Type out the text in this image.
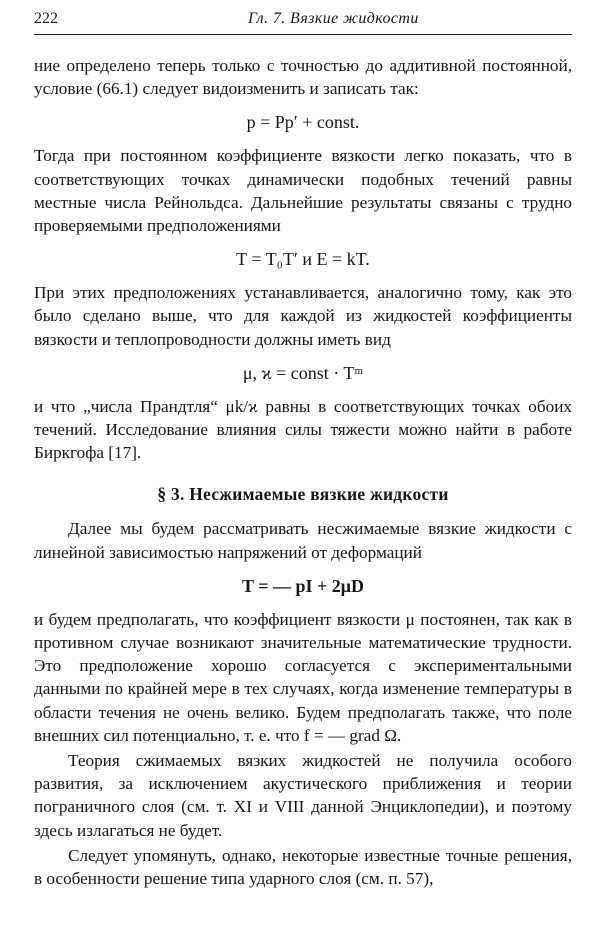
222	Гл. 7. Вязкие жидкости

ние определено теперь только с точностью до аддитивной постоянной, условие (66.1) следует видоизменить и записать так:

p = Pp′ + const.

Тогда при постоянном коэффициенте вязкости легко показать, что в соответствующих точках динамически подобных течений равны местные числа Рейнольдса. Дальнейшие результаты связаны с трудно проверяемыми предположениями

T = T₀T′ и E = kT.

При этих предположениях устанавливается, аналогично тому, как это было сделано выше, что для каждой из жидкостей коэффициенты вязкости и теплопроводности должны иметь вид

μ, ϰ = const · Tᵐ

и что „числа Прандтля“ μk/ϰ равны в соответствующих точках обоих течений. Исследование влияния силы тяжести можно найти в работе Биркгофа [17].

§ 3. Несжимаемые вязкие жидкости

Далее мы будем рассматривать несжимаемые вязкие жидкости с линейной зависимостью напряжений от деформаций

T = — pI + 2μD

и будем предполагать, что коэффициент вязкости μ постоянен, так как в противном случае возникают значительные математические трудности. Это предположение хорошо согласуется с экспериментальными данными по крайней мере в тех случаях, когда изменение температуры в области течения не очень велико. Будем предполагать также, что поле внешних сил потенциально, т. е. что f = — grad Ω.

Теория сжимаемых вязких жидкостей не получила особого развития, за исключением акустического приближения и теории пограничного слоя (см. т. XI и VIII данной Энциклопедии), и поэтому здесь излагаться не будет.

Следует упомянуть, однако, некоторые известные точные решения, в особенности решение типа ударного слоя (см. п. 57),
